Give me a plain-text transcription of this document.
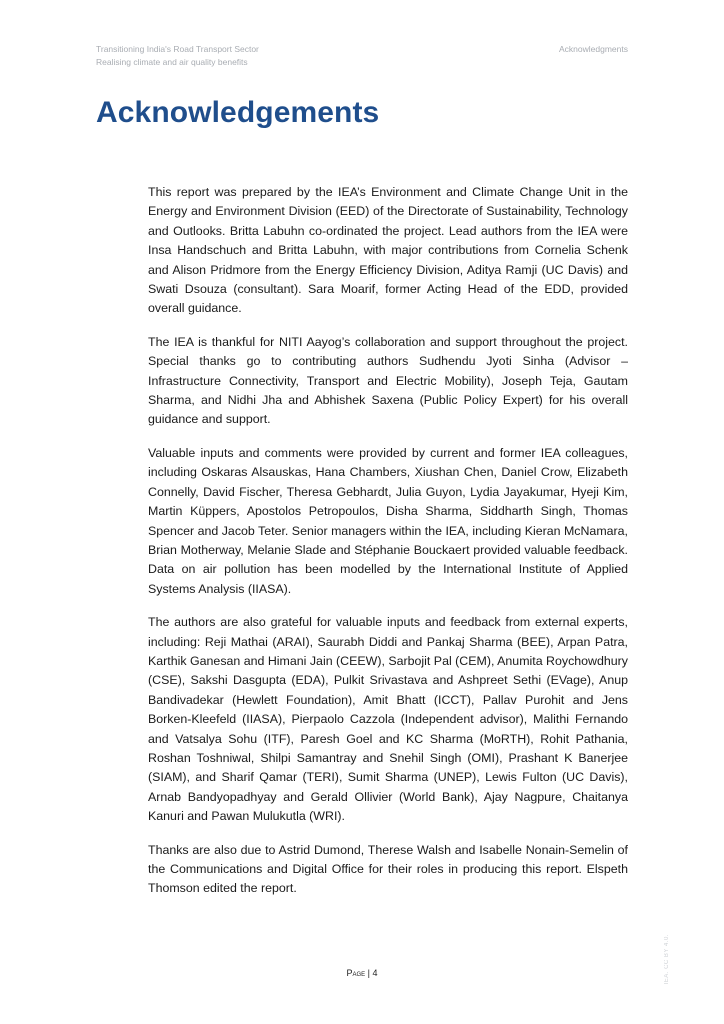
Transitioning India's Road Transport Sector
Realising climate and air quality benefits
Acknowledgments
Acknowledgements

This report was prepared by the IEA’s Environment and Climate Change Unit in the Energy and Environment Division (EED) of the Directorate of Sustainability, Technology and Outlooks. Britta Labuhn co-ordinated the project. Lead authors from the IEA were Insa Handschuch and Britta Labuhn, with major contributions from Cornelia Schenk and Alison Pridmore from the Energy Efficiency Division, Aditya Ramji (UC Davis) and Swati Dsouza (consultant). Sara Moarif, former Acting Head of the EDD, provided overall guidance.

The IEA is thankful for NITI Aayog’s collaboration and support throughout the project. Special thanks go to contributing authors Sudhendu Jyoti Sinha (Advisor – Infrastructure Connectivity, Transport and Electric Mobility), Joseph Teja, Gautam Sharma, and Nidhi Jha and Abhishek Saxena (Public Policy Expert) for his overall guidance and support.

Valuable inputs and comments were provided by current and former IEA colleagues, including Oskaras Alsauskas, Hana Chambers, Xiushan Chen, Daniel Crow, Elizabeth Connelly, David Fischer, Theresa Gebhardt, Julia Guyon, Lydia Jayakumar, Hyeji Kim, Martin Küppers, Apostolos Petropoulos, Disha Sharma, Siddharth Singh, Thomas Spencer and Jacob Teter. Senior managers within the IEA, including Kieran McNamara, Brian Motherway, Melanie Slade and Stéphanie Bouckaert provided valuable feedback. Data on air pollution has been modelled by the International Institute of Applied Systems Analysis (IIASA).

The authors are also grateful for valuable inputs and feedback from external experts, including: Reji Mathai (ARAI), Saurabh Diddi and Pankaj Sharma (BEE), Arpan Patra, Karthik Ganesan and Himani Jain (CEEW), Sarbojit Pal (CEM), Anumita Roychowdhury (CSE), Sakshi Dasgupta (EDA), Pulkit Srivastava and Ashpreet Sethi (EVage), Anup Bandivadekar (Hewlett Foundation), Amit Bhatt (ICCT), Pallav Purohit and Jens Borken-Kleefeld (IIASA), Pierpaolo Cazzola (Independent advisor), Malithi Fernando and Vatsalya Sohu (ITF), Paresh Goel and KC Sharma (MoRTH), Rohit Pathania, Roshan Toshniwal, Shilpi Samantray and Snehil Singh (OMI), Prashant K Banerjee (SIAM), and Sharif Qamar (TERI), Sumit Sharma (UNEP), Lewis Fulton (UC Davis), Arnab Bandyopadhyay and Gerald Ollivier (World Bank), Ajay Nagpure, Chaitanya Kanuri and Pawan Mulukutla (WRI).

Thanks are also due to Astrid Dumond, Therese Walsh and Isabelle Nonain-Semelin of the Communications and Digital Office for their roles in producing this report. Elspeth Thomson edited the report.

Page | 4	IEA. CC BY 4.0.
